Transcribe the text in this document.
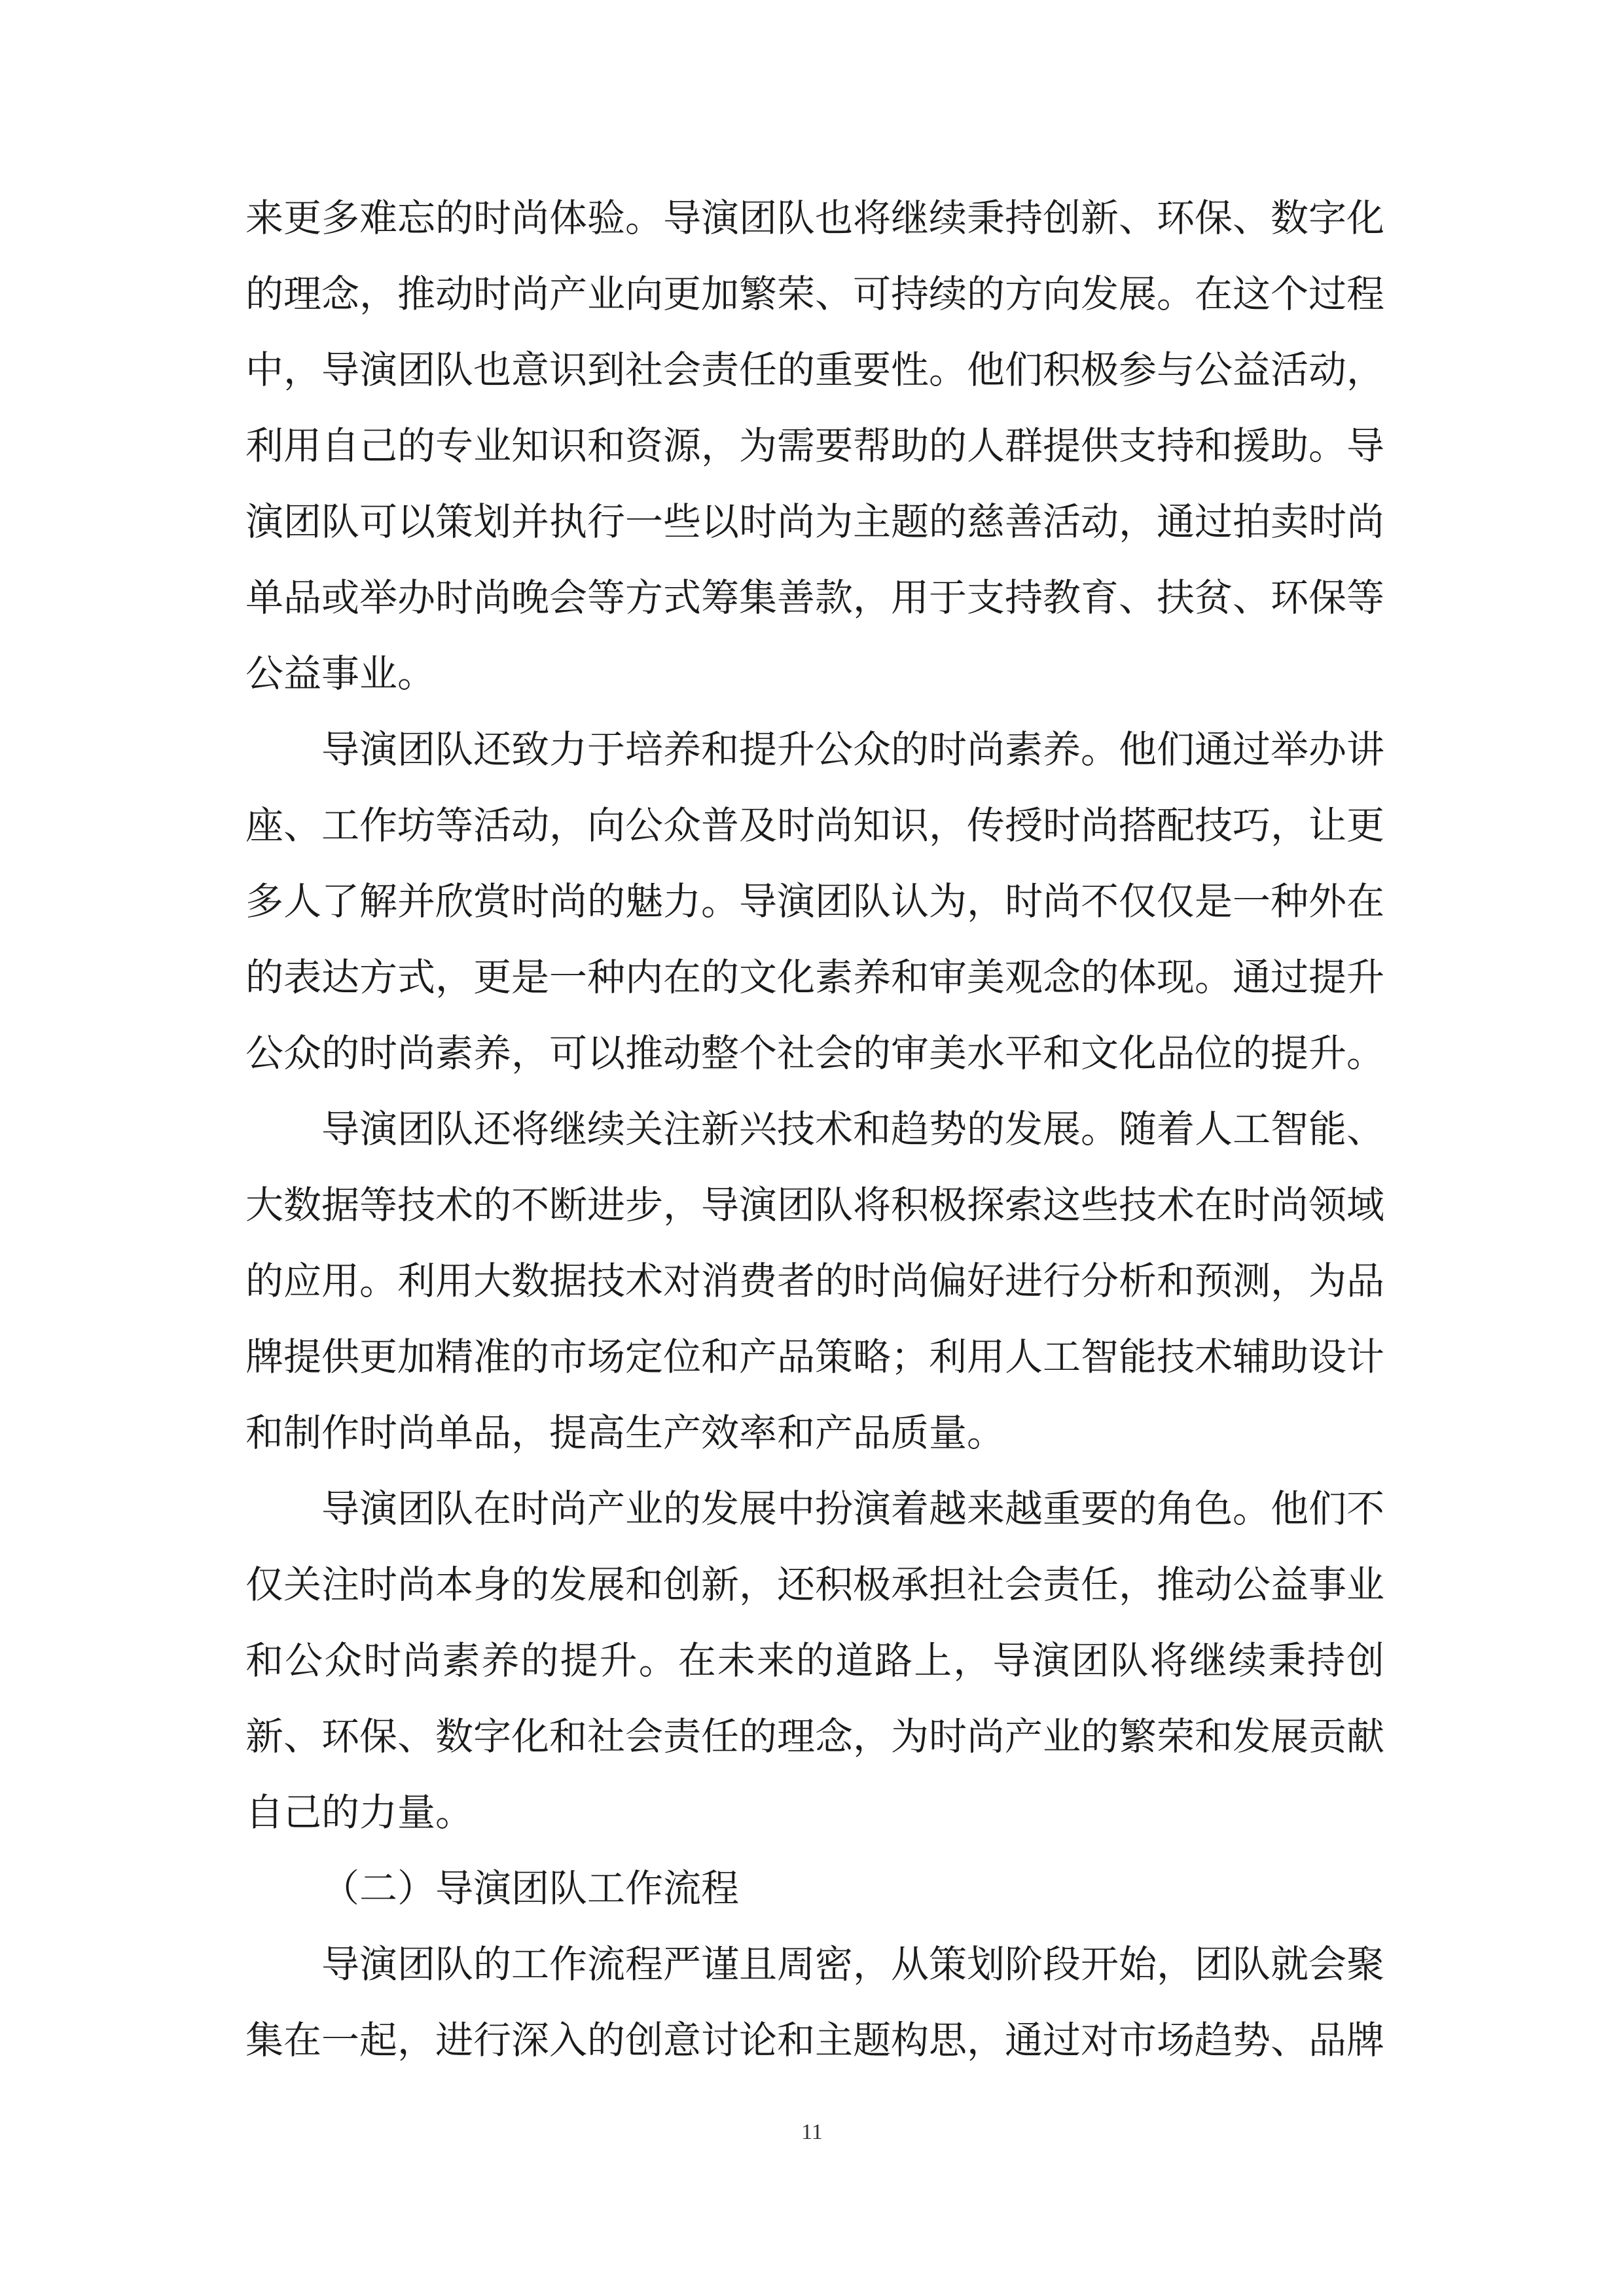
来更多难忘的时尚体验。导演团队也将继续秉持创新、环保、数字化的理念，推动时尚产业向更加繁荣、可持续的方向发展。在这个过程中，导演团队也意识到社会责任的重要性。他们积极参与公益活动，利用自己的专业知识和资源，为需要帮助的人群提供支持和援助。导演团队可以策划并执行一些以时尚为主题的慈善活动，通过拍卖时尚单品或举办时尚晚会等方式筹集善款，用于支持教育、扶贫、环保等公益事业。

导演团队还致力于培养和提升公众的时尚素养。他们通过举办讲座、工作坊等活动，向公众普及时尚知识，传授时尚搭配技巧，让更多人了解并欣赏时尚的魅力。导演团队认为，时尚不仅仅是一种外在的表达方式，更是一种内在的文化素养和审美观念的体现。通过提升公众的时尚素养，可以推动整个社会的审美水平和文化品位的提升。

导演团队还将继续关注新兴技术和趋势的发展。随着人工智能、大数据等技术的不断进步，导演团队将积极探索这些技术在时尚领域的应用。利用大数据技术对消费者的时尚偏好进行分析和预测，为品牌提供更加精准的市场定位和产品策略；利用人工智能技术辅助设计和制作时尚单品，提高生产效率和产品质量。

导演团队在时尚产业的发展中扮演着越来越重要的角色。他们不仅关注时尚本身的发展和创新，还积极承担社会责任，推动公益事业和公众时尚素养的提升。在未来的道路上，导演团队将继续秉持创新、环保、数字化和社会责任的理念，为时尚产业的繁荣和发展贡献自己的力量。

（二）导演团队工作流程

导演团队的工作流程严谨且周密，从策划阶段开始，团队就会聚集在一起，进行深入的创意讨论和主题构思，通过对市场趋势、品牌

11
